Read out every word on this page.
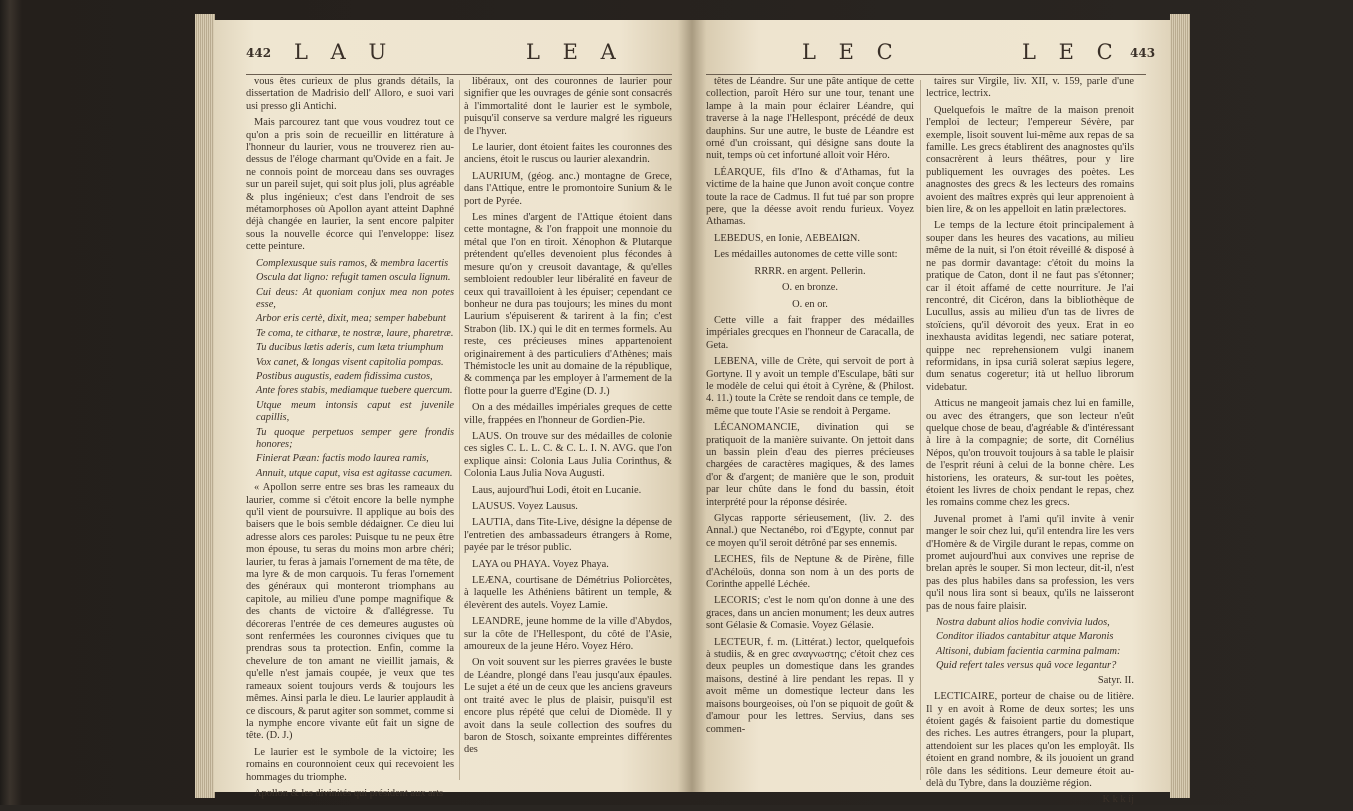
442 L A U	L E A

vous êtes curieux de plus grands détails, la dissertation de Madrisio dell' Alloro, e suoi vari usi presso gli Antichi.

Mais parcourez tant que vous voudrez tout ce qu'on a pris soin de recueillir en littérature à l'honneur du laurier, vous ne trouverez rien au-dessus de l'éloge charmant qu'Ovide en a fait. Je ne connois point de morceau dans ses ouvrages sur un pareil sujet, qui soit plus joli, plus agréable & plus ingénieux; c'est dans l'endroit de ses métamorphoses où Apollon ayant atteint Daphné déjà changée en laurier, la sent encore palpiter sous la nouvelle écorce qui l'enveloppe: lisez cette peinture.

Complexusque suis ramos, & membra lacertis

Oscula dat ligno: refugit tamen oscula lignum.

Cui deus: At quoniam conjux mea non potes esse,

Arbor eris certè, dixit, mea; semper habebunt

Te coma, te citharæ, te nostræ, laure, pharetræ.

Tu ducibus lætis aderis, cum læta triumphum

Vox canet, & longas visent capitolia pompas.

Postibus augustis, eadem fidissima custos,

Ante fores stabis, mediamque tuebere quercum.

Utque meum intonsis caput est juvenile capillis,

Tu quoque perpetuos semper gere frondis honores;

Finierat Pæan: factis modo laurea ramis,

Annuit, utque caput, visa est agitasse cacumen.

« Apollon serre entre ses bras les rameaux du laurier, comme si c'étoit encore la belle nymphe qu'il vient de poursuivre. Il applique au bois des baisers que le bois semble dédaigner. Ce dieu lui adresse alors ces paroles: Puisque tu ne peux être mon épouse, tu seras du moins mon arbre chéri; laurier, tu feras à jamais l'ornement de ma tête, de ma lyre & de mon carquois. Tu feras l'ornement des généraux qui monteront triomphans au capitole, au milieu d'une pompe magnifique & des chants de victoire & d'allégresse. Tu décoreras l'entrée de ces demeures augustes où sont renfermées les couronnes civiques que tu prendras sous ta protection. Enfin, comme la chevelure de ton amant ne vieillit jamais, & qu'elle n'est jamais coupée, je veux que tes rameaux soient toujours verds & toujours les mêmes. Ainsi parla le dieu. Le laurier applaudit à ce discours, & parut agiter son sommet, comme si la nymphe encore vivante eût fait un signe de tête. (D. J.)

Le laurier est le symbole de la victoire; les romains en couronnoient ceux qui recevoient les hommages du triomphe.

Apollon & les divinités qui président aux arts

libéraux, ont des couronnes de laurier pour signifier que les ouvrages de génie sont consacrés à l'immortalité dont le laurier est le symbole, puisqu'il conserve sa verdure malgré les rigueurs de l'hyver.

Le laurier, dont étoient faites les couronnes des anciens, étoit le ruscus ou laurier alexandrin.

LAURIUM, (géog. anc.) montagne de Grece, dans l'Attique, entre le promontoire Sunium & le port de Pyrée.

Les mines d'argent de l'Attique étoient dans cette montagne, & l'on frappoit une monnoie du métal que l'on en tiroit. Xénophon & Plutarque prétendent qu'elles devenoient plus fécondes à mesure qu'on y creusoit davantage, & qu'elles sembloient redoubler leur libéralité en faveur de ceux qui travailloient à les épuiser; cependant ce bonheur ne dura pas toujours; les mines du mont Laurium s'épuiserent & tarirent à la fin; c'est Strabon (lib. IX.) qui le dit en termes formels. Au reste, ces précieuses mines appartenoient originairement à des particuliers d'Athènes; mais Thémistocle les unit au domaine de la république, & commença par les employer à l'armement de la flotte pour la guerre d'Egine (D. J.)

On a des médailles impériales greques de cette ville, frappées en l'honneur de Gordien-Pie.

LAUS. On trouve sur des médailles de colonie ces sigles C. L. L. C. & C. L. I. N. AVG. que l'on explique ainsi: Colonia Laus Julia Corinthus, & Colonia Laus Julia Nova Augusti.

Laus, aujourd'hui Lodi, étoit en Lucanie.

LAUSUS. Voyez Lausus.

LAUTIA, dans Tite-Live, désigne la dépense de l'entretien des ambassadeurs étrangers à Rome, payée par le trésor public.

LAYA ou PHAYA. Voyez Phaya.

LEÆNA, courtisane de Démétrius Poliorcètes, à laquelle les Athéniens bâtirent un temple, & élevèrent des autels. Voyez Lamie.

LEANDRE, jeune homme de la ville d'Abydos, sur la côte de l'Hellespont, du côté de l'Asie, amoureux de la jeune Héro. Voyez Héro.

On voit souvent sur les pierres gravées le buste de Léandre, plongé dans l'eau jusqu'aux épaules. Le sujet a été un de ceux que les anciens graveurs ont traité avec le plus de plaisir, puisqu'il est encore plus répété que celui de Diomède. Il y avoit dans la seule collection des soufres du baron de Stosch, soixante empreintes différentes des

L E C	L E C 443

têtes de Léandre. Sur une pâte antique de cette collection, paroît Héro sur une tour, tenant une lampe à la main pour éclairer Léandre, qui traverse à la nage l'Hellespont, précédé de deux dauphins. Sur une autre, le buste de Léandre est orné d'un croissant, qui désigne sans doute la nuit, temps où cet infortuné alloit voir Héro.

LÉARQUE, fils d'Ino & d'Athamas, fut la victime de la haine que Junon avoit conçue contre toute la race de Cadmus. Il fut tué par son propre pere, que la déesse avoit rendu furieux. Voyez Athamas.

LEBEDUS, en Ionie, ΛΕΒΕΔΙΩΝ.

Les médailles autonomes de cette ville sont:

RRRR. en argent. Pellerin.

O. en bronze.

O. en or.

Cette ville a fait frapper des médailles impériales grecques en l'honneur de Caracalla, de Geta.

LEBENA, ville de Crète, qui servoit de port à Gortyne. Il y avoit un temple d'Esculape, bâti sur le modèle de celui qui étoit à Cyrène, & (Philost. 4. 11.) toute la Crète se rendoit dans ce temple, de même que toute l'Asie se rendoit à Pergame.

LÉCANOMANCIE, divination qui se pratiquoit de la manière suivante. On jettoit dans un bassin plein d'eau des pierres précieuses chargées de caractères magiques, & des lames d'or & d'argent; de manière que le son, produit par leur chûte dans le fond du bassin, étoit interprété pour la réponse désirée.

Glycas rapporte sérieusement, (liv. 2. des Annal.) que Nectanébo, roi d'Egypte, connut par ce moyen qu'il seroit détrôné par ses ennemis.

LECHES, fils de Neptune & de Pirène, fille d'Achéloüs, donna son nom à un des ports de Corinthe appellé Léchée.

LECORIS; c'est le nom qu'on donne à une des graces, dans un ancien monument; les deux autres sont Gélasie & Comasie. Voyez Gélasie.

LECTEUR, f. m. (Littérat.) lector, quelquefois à studiis, & en grec αναγνωστης; c'étoit chez ces deux peuples un domestique dans les grandes maisons, destiné à lire pendant les repas. Il y avoit même un domestique lecteur dans les maisons bourgeoises, où l'on se piquoit de goût & d'amour pour les lettres. Servius, dans ses commen-

taires sur Virgile, liv. XII, v. 159, parle d'une lectrice, lectrix.

Quelquefois le maître de la maison prenoit l'emploi de lecteur; l'empereur Sévère, par exemple, lisoit souvent lui-même aux repas de sa famille. Les grecs établirent des anagnostes qu'ils consacrèrent à leurs théâtres, pour y lire publiquement les ouvrages des poètes. Les anagnostes des grecs & les lecteurs des romains avoient des maîtres exprès qui leur apprenoient à bien lire, & on les appelloit en latin prælectores.

Le temps de la lecture étoit principalement à souper dans les heures des vacations, au milieu même de la nuit, si l'on étoit réveillé & disposé à ne pas dormir davantage: c'étoit du moins la pratique de Caton, dont il ne faut pas s'étonner; car il étoit affamé de cette nourriture. Je l'ai rencontré, dit Cicéron, dans la bibliothèque de Lucullus, assis au milieu d'un tas de livres de stoïciens, qu'il dévoroit des yeux. Erat in eo inexhausta aviditas legendi, nec satiare poterat, quippe nec reprehensionem vulgi inanem reformidans, in ipsa curiâ solerat sæpius legere, dum senatus cogeretur; ità ut helluo librorum videbatur.

Atticus ne mangeoit jamais chez lui en famille, ou avec des étrangers, que son lecteur n'eût quelque chose de beau, d'agréable & d'intéressant à lire à la compagnie; de sorte, dit Cornélius Népos, qu'on trouvoit toujours à sa table le plaisir de l'esprit réuni à celui de la bonne chère. Les historiens, les orateurs, & sur-tout les poètes, étoient les livres de choix pendant le repas, chez les romains comme chez les grecs.

Juvenal promet à l'ami qu'il invite à venir manger le soir chez lui, qu'il entendra lire les vers d'Homère & de Virgile durant le repas, comme on promet aujourd'hui aux convives une reprise de brelan après le souper. Si mon lecteur, dit-il, n'est pas des plus habiles dans sa profession, les vers qu'il nous lira sont si beaux, qu'ils ne laisseront pas de nous faire plaisir.

Nostra dabunt alios hodie convivia ludos,

Conditor iliados cantabitur atque Maronis

Altisoni, dubiam facientia carmina palmam:

Quid refert tales versus quâ voce legantur?

Satyr. II.

LECTICAIRE, porteur de chaise ou de litière. Il y en avoit à Rome de deux sortes; les uns étoient gagés & faisoient partie du domestique des riches. Les autres étrangers, pour la plupart, attendoient sur les places qu'on les employât. Ils étoient en grand nombre, & ils jouoient un grand rôle dans les séditions. Leur demeure étoit au-delà du Tybre, dans la douzième région.

K k k ij
